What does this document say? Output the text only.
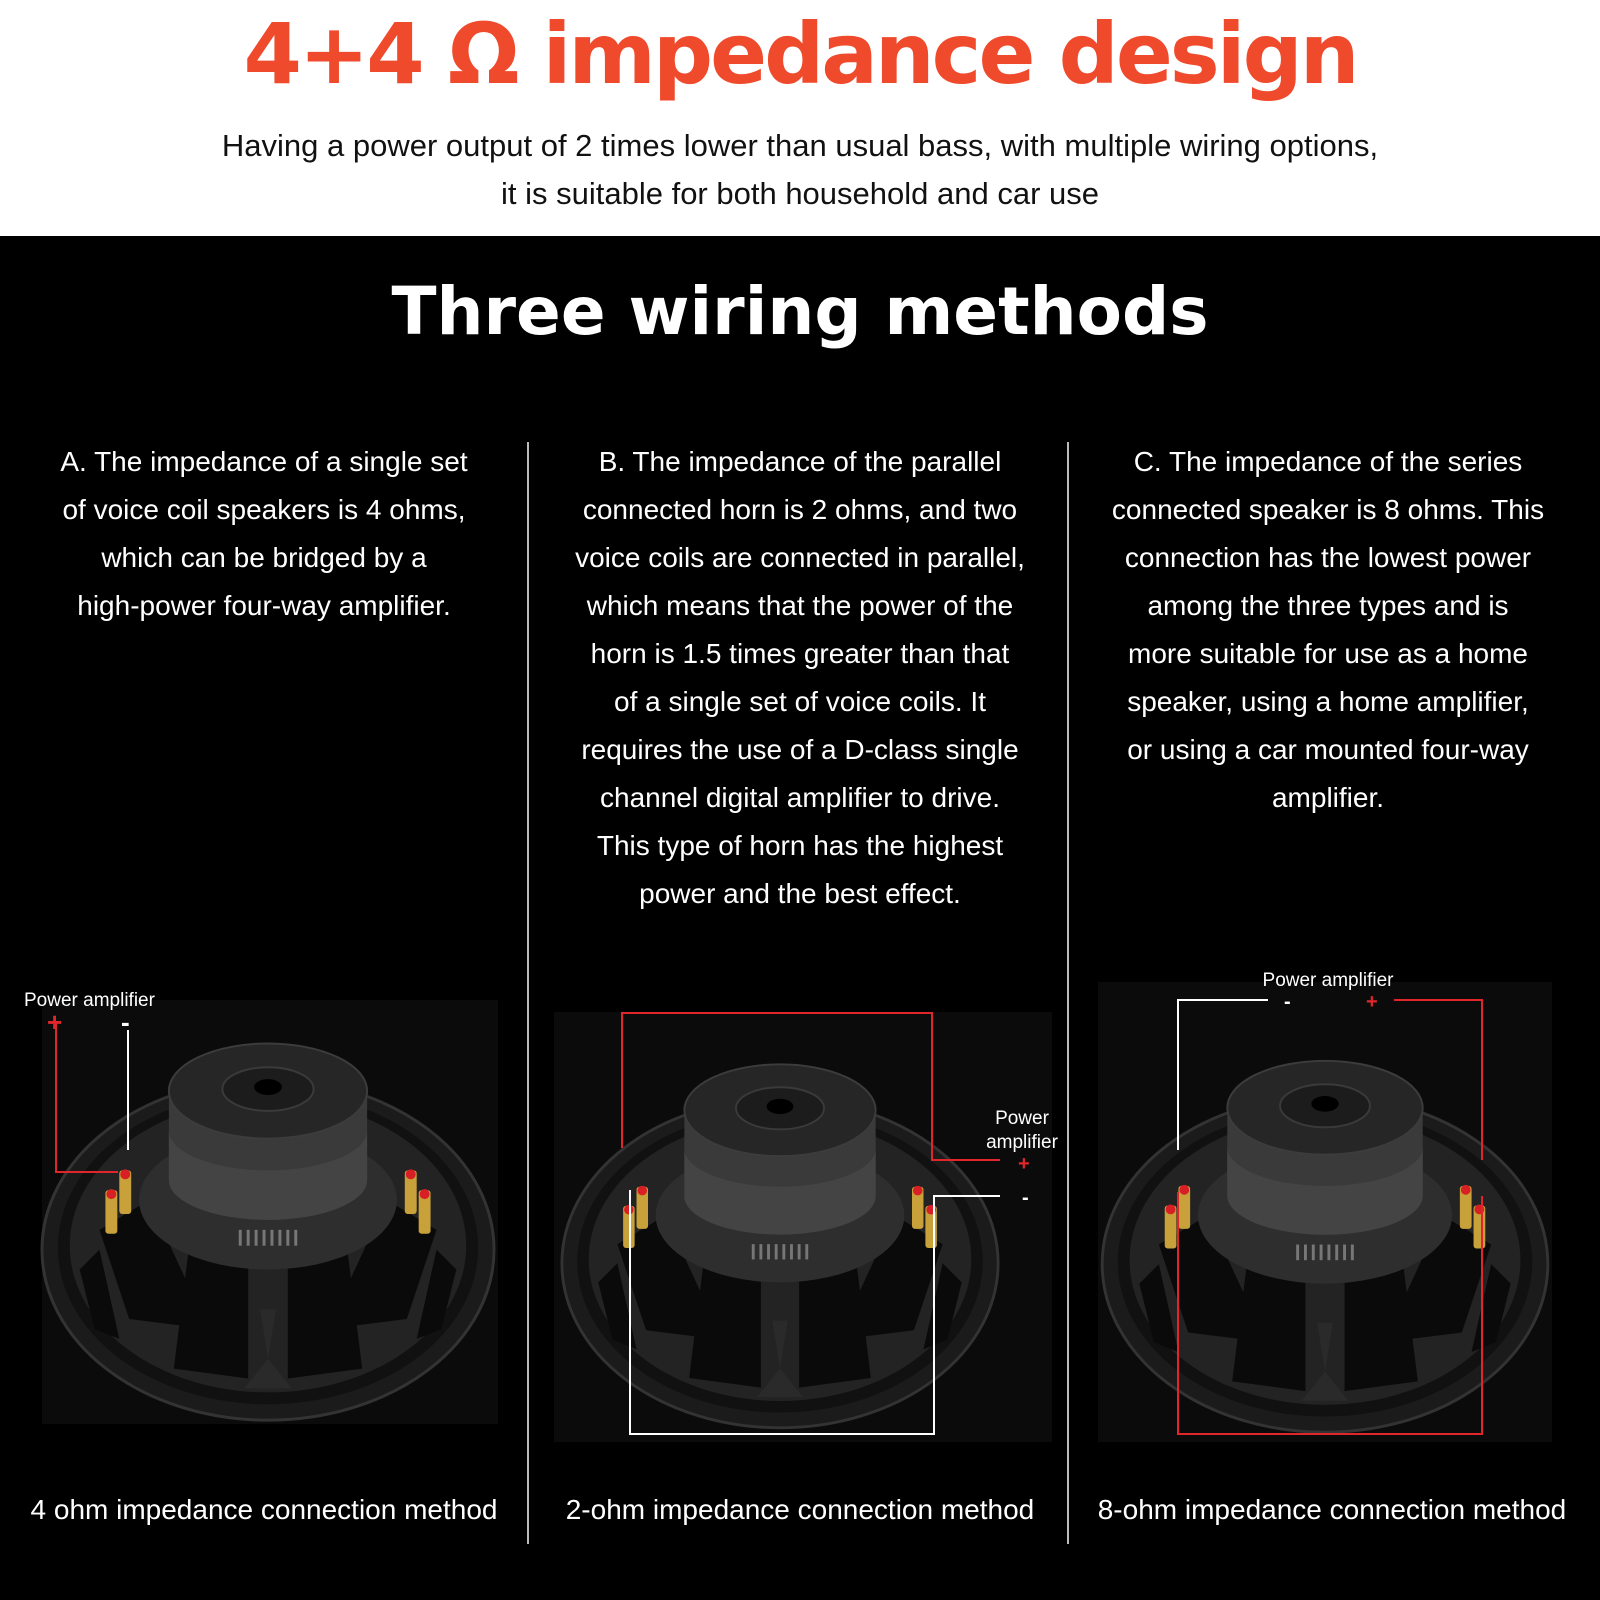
4+4 Ω impedance design
Having a power output of 2 times lower than usual bass, with multiple wiring options,
it is suitable for both household and car use
Three wiring methods
A. The impedance of a single set
of voice coil speakers is 4 ohms,
which can be bridged by a
high-power four-way amplifier.
B. The impedance of the parallel
connected horn is 2 ohms, and two
voice coils are connected in parallel,
which means that the power of the
horn is 1.5 times greater than that
of a single set of voice coils. It
requires the use of a D-class single
channel digital amplifier to drive.
This type of horn has the highest
power and the best effect.
C. The impedance of the series
connected speaker is 8 ohms. This
connection has the lowest power
among the three types and is
more suitable for use as a home
speaker, using a home amplifier,
or using a car mounted four-way
amplifier.
Power amplifier
+ -
Power
amplifier
+
-
Power amplifier
-	+
4 ohm impedance connection method	2-ohm impedance connection method	8-ohm impedance connection method
